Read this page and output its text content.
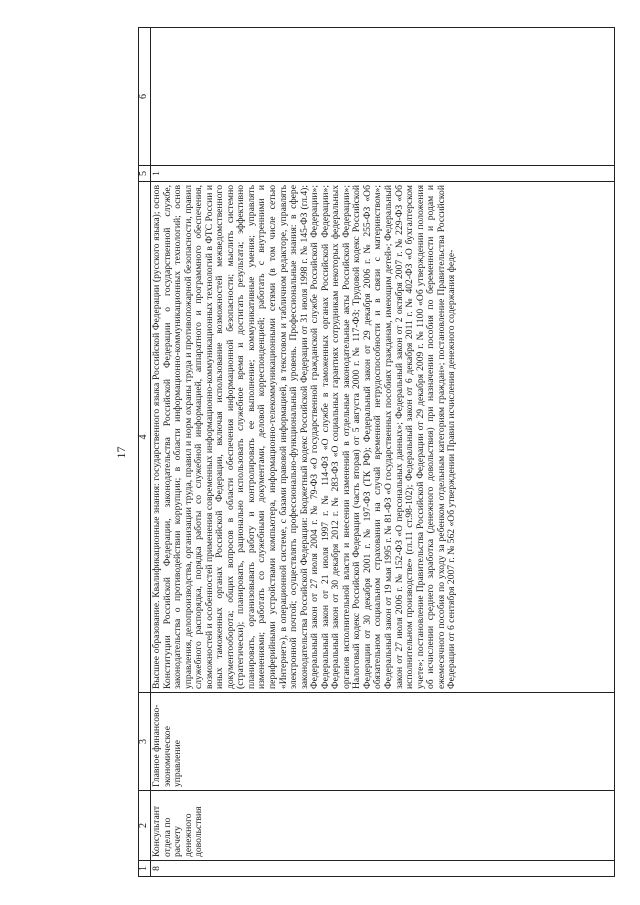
17
1	2	3	4	5	6
8	Консультант отдела по расчету денежного довольствия	Главное финансово-экономическое управление	Высшее образование. Квалификационные знания: государственного языка Российской Федерации (русского языка); основ Конституции Российской Федерации, законодательства Российской Федерации о государственной службе, законодательства о противодействии коррупции; в области информационно-коммуникационных технологий; основ управления, делопроизводства, организации труда, правил и норм охраны труда и противопожарной безопасности, правил служебного распорядка, порядка работы со служебной информацией, аппаратного и программного обеспечения, возможностей и особенностей применения современных информационно-коммуникационных технологий в ФТС России и иных таможенных органах Российской Федерации, включая использование возможностей межведомственного документооборота; общих вопросов в области обеспечения информационной безопасности; мыслить системно (стратегически); планировать, рационально использовать служебное время и достигать результата; эффективно планировать, организовывать работу и контролировать ее выполнение; коммуникативные умения; управлять изменениями; работать со служебными документами, деловой корреспонденцией; работать с внутренними и периферийными устройствами компьютера, информационно-телекоммуникационными сетями (в том числе сетью «Интернет»), в операционной системе, с базами правовой информацией, в текстовом и табличном редакторе, управлять электронной почтой; осуществлять профессионально-функциональный уровень. Профессиональные знания: в сфере законодательства Российской Федерации: Бюджетный кодекс Российской Федерации от 31 июля 1998 г. № 145-ФЗ (гл.4); Федеральный закон от 27 июля 2004 г. № 79-ФЗ «О государственной гражданской службе Российской Федерации»; Федеральный закон от 21 июля 1997 г. № 114-ФЗ «О службе в таможенных органах Российской Федерации»; Федеральный закон от 30 декабря 2012 г. № 283-ФЗ «О социальных гарантиях сотрудникам некоторых федеральных органов исполнительной власти и внесении изменений в отдельные законодательные акты Российской Федерации»; Налоговый кодекс Российской Федерации (часть вторая) от 5 августа 2000 г. № 117-ФЗ; Трудовой кодекс Российской Федерации от 30 декабря 2001 г. № 197-ФЗ (ТК РФ); Федеральный закон от 29 декабря 2006 г. № 255-ФЗ «Об обязательном социальном страховании на случай временной нетрудоспособности и в связи с материнством»; Федеральный закон от 19 мая 1995 г. № 81-ФЗ «О государственных пособиях гражданам, имеющим детей»; Федеральный закон от 27 июля 2006 г. № 152-ФЗ «О персональных данных»; Федеральный закон от 2 октября 2007 г. № 229-ФЗ «Об исполнительном производстве» (гл.11 ст.98-102); Федеральный закон от 6 декабря 2011 г. № 402-ФЗ «О бухгалтерском учете»; постановление Правительства Российской Федерации от 29 декабря 2009 г. № 1100 «Об утверждении положения об исчислении среднего заработка (денежного довольствия) при назначении пособия по беременности и родам и ежемесячного пособия по уходу за ребенком отдельным категориям граждан»; постановление Правительства Российской Федерации от 6 сентября 2007 г. № 562 «Об утверждении Правил исчисления денежного содержания феде-	1	
